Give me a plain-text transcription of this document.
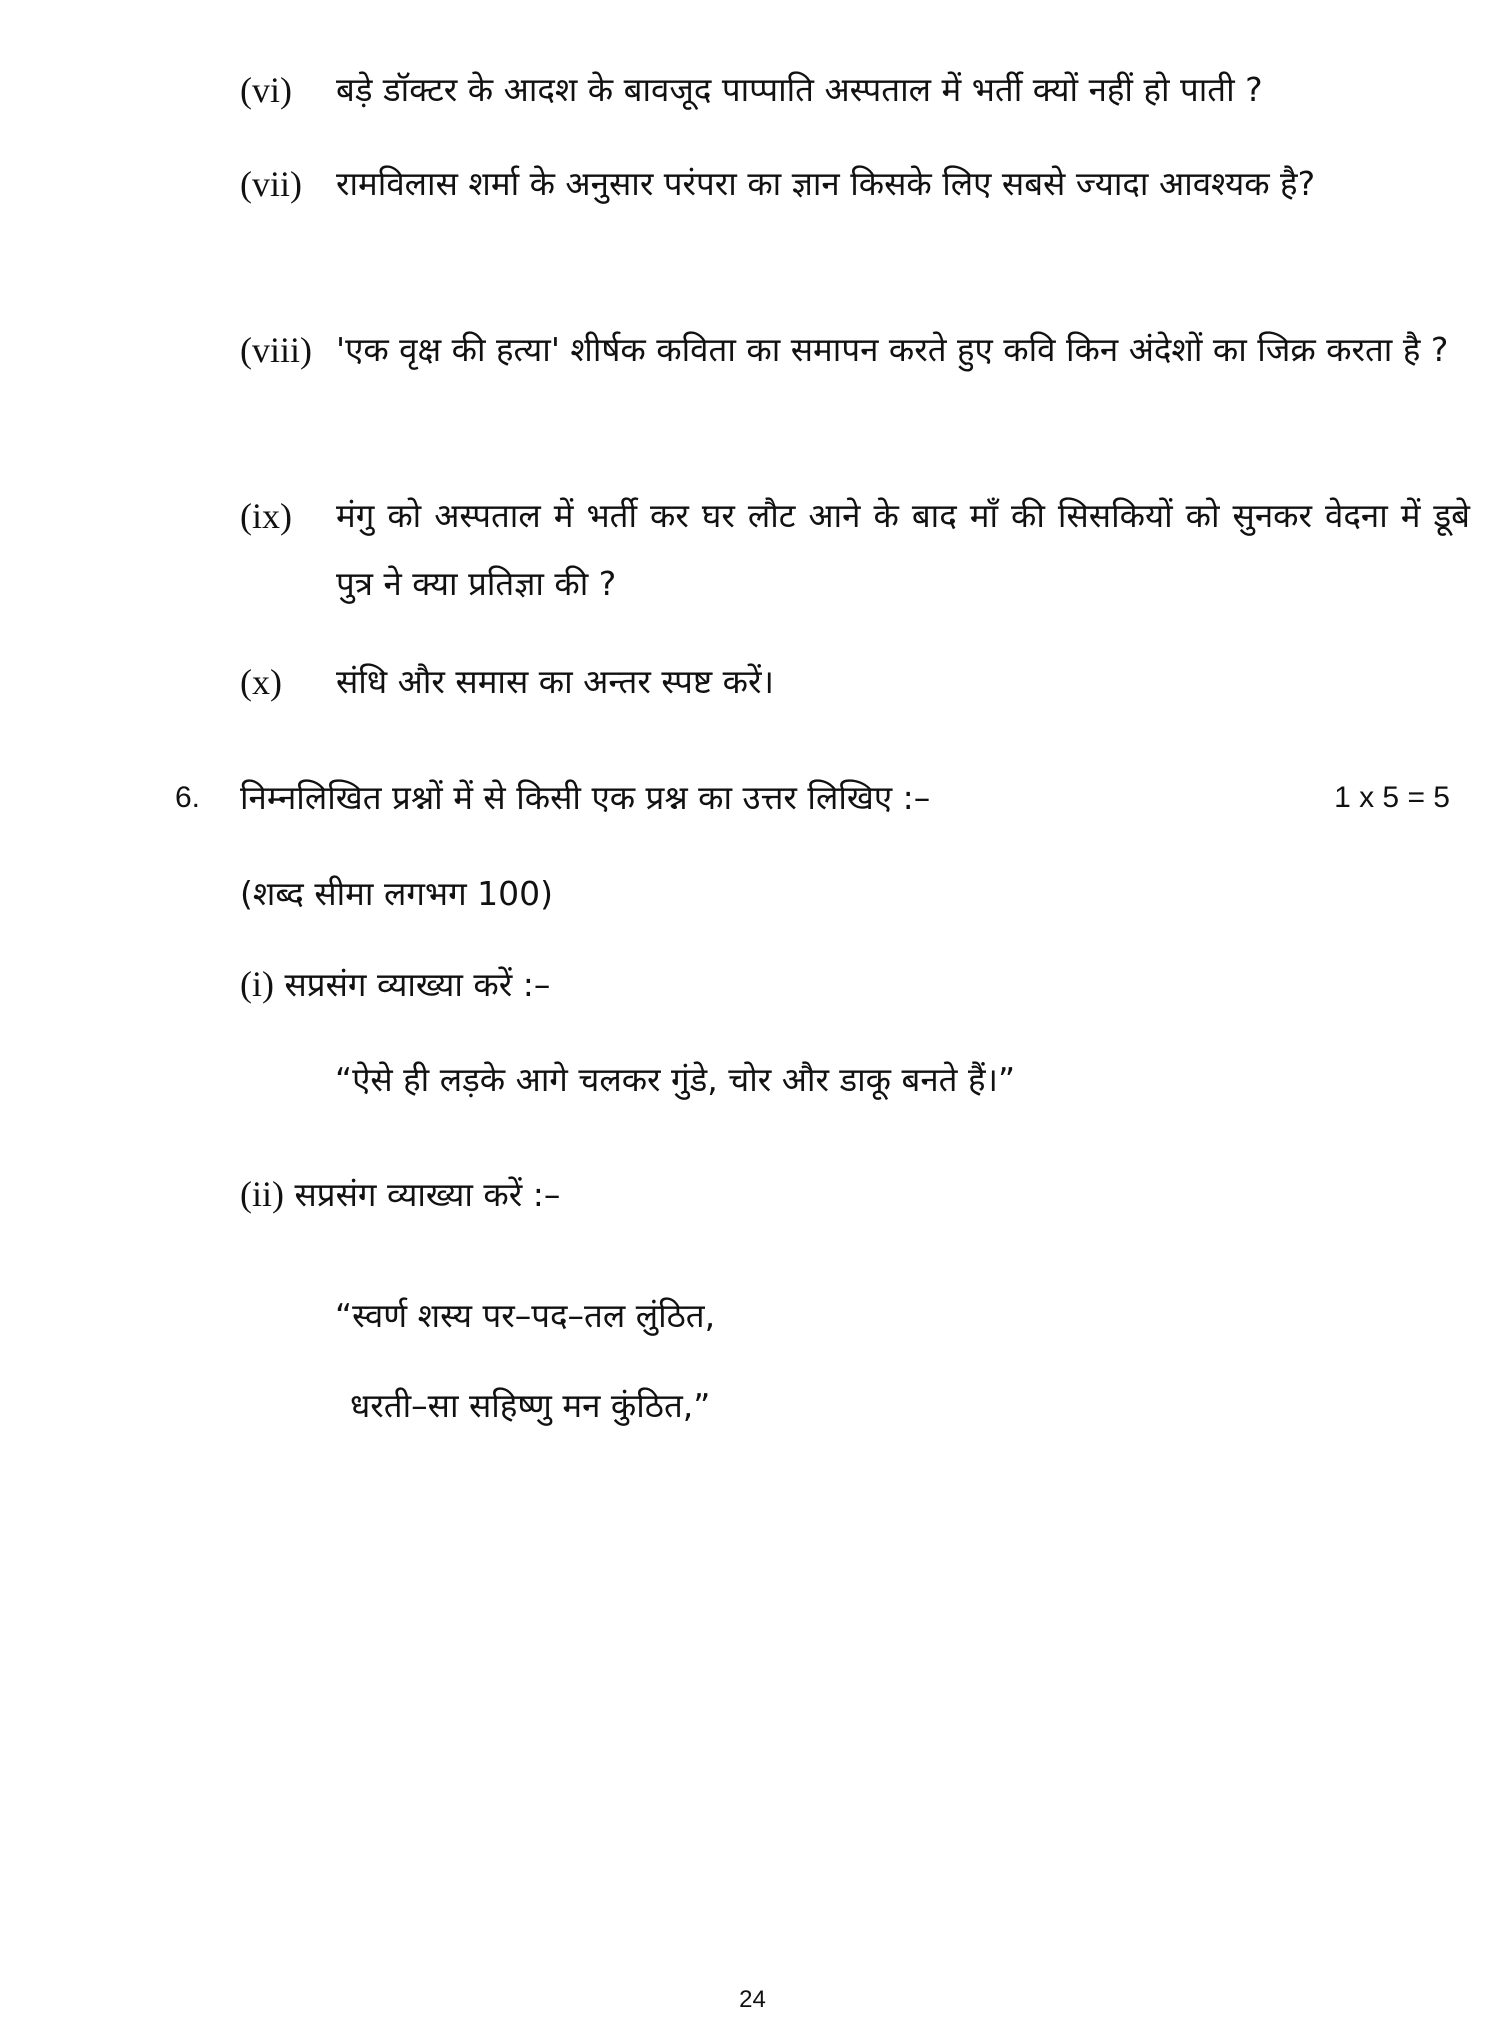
(vi) बड़े डॉक्टर के आदश के बावजूद पाप्पाति अस्पताल में भर्ती क्यों नहीं हो पाती ?
(vii) रामविलास शर्मा के अनुसार परंपरा का ज्ञान किसके लिए सबसे ज्यादा आवश्यक है?
(viii) 'एक वृक्ष की हत्या' शीर्षक कविता का समापन करते हुए कवि किन अंदेशों का जिक्र करता है ?
(ix) मंगु को अस्पताल में भर्ती कर घर लौट आने के बाद माँ की सिसकियों को सुनकर वेदना में डूबे पुत्र ने क्या प्रतिज्ञा की ?
(x) संधि और समास का अन्तर स्पष्ट करें।
6. निम्नलिखित प्रश्नों में से किसी एक प्रश्न का उत्तर लिखिए :–	1 x 5 = 5
(शब्द सीमा लगभग 100)
(i) सप्रसंग व्याख्या करें :–
“ऐसे ही लड़के आगे चलकर गुंडे, चोर और डाकू बनते हैं।”
(ii) सप्रसंग व्याख्या करें :–
“स्वर्ण शस्य पर–पद–तल लुंठित,
धरती–सा सहिष्णु मन कुंठित,”
24
